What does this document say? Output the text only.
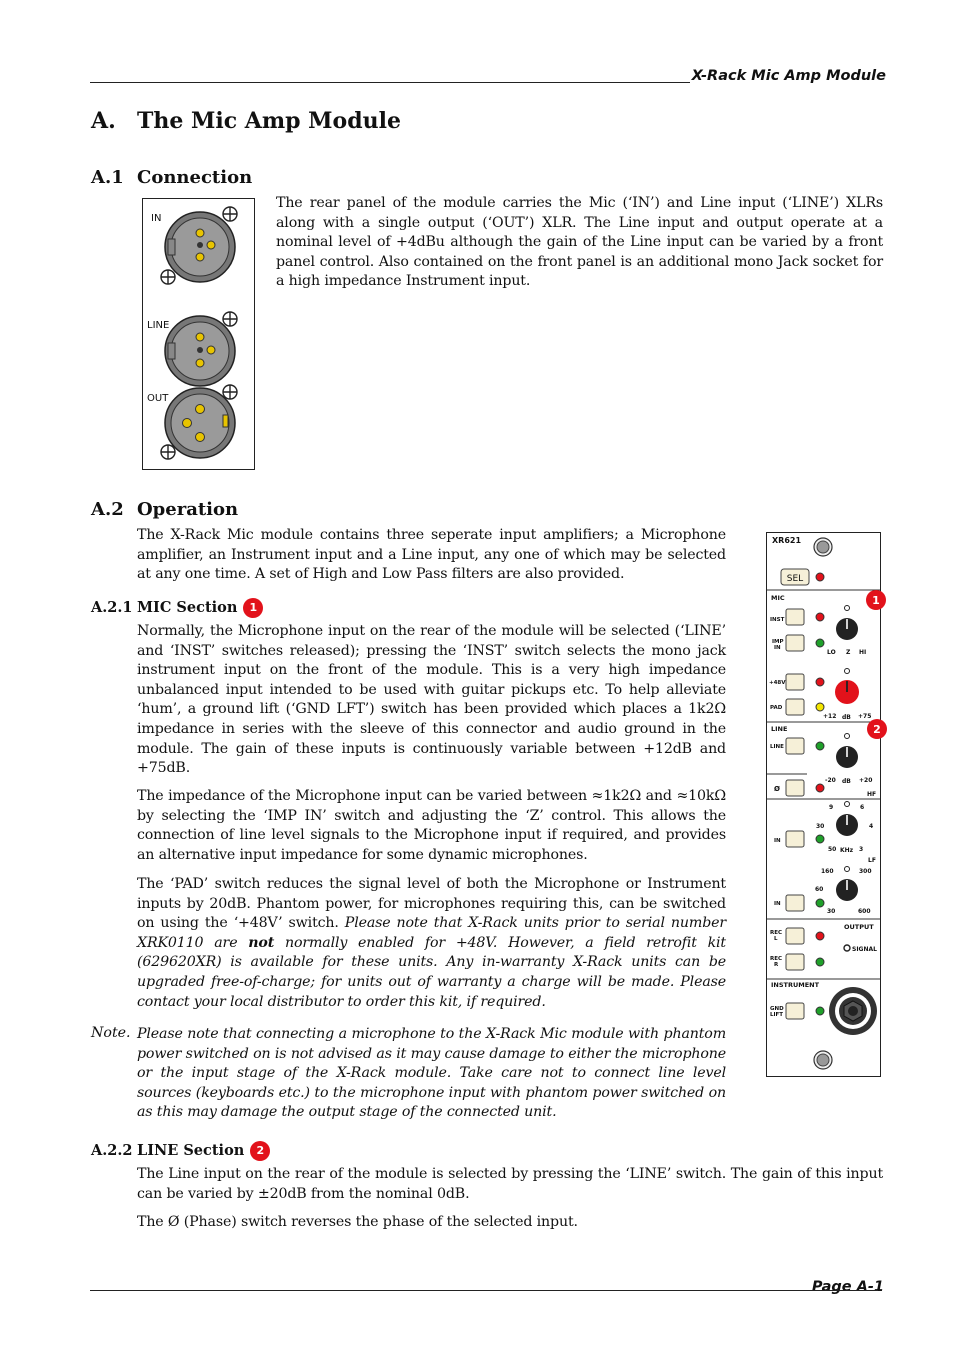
X-Rack Mic Amp Module
A. The Mic Amp Module
A.1 Connection
IN
LINE
OUT

The rear panel of the module carries the Mic (‘IN’) and Line input (‘LINE’) XLRs along with a single output (‘OUT’) XLR. The Line input and output operate at a nominal level of +4dBu although the gain of the Line input can be varied by a front panel control. Also contained on the front panel is an additional mono Jack socket for a high impedance Instrument input.

A.2 Operation

The X-Rack Mic module contains three seperate input amplifiers; a Microphone amplifier, an Instrument input and a Line input, any one of which may be selected at any one time. A set of High and Low Pass filters are also provided.

A.2.1 MIC Section 1

Normally, the Microphone input on the rear of the module will be selected (‘LINE’ and ‘INST’ switches released); pressing the ‘INST’ switch selects the mono jack instrument input on the front of the module. This is a very high impedance unbalanced input intended to be used with guitar pickups etc. To help alleviate ‘hum’, a ground lift (‘GND LFT’) switch has been provided which places a 1k2Ω impedance in series with the sleeve of this connector and audio ground in the module. The gain of these inputs is continuously variable between +12dB and +75dB.

The impedance of the Microphone input can be varied between ≈1k2Ω and ≈10kΩ by selecting the ‘IMP IN’ switch and adjusting the ‘Z’ control. This allows the connection of line level signals to the Microphone input if required, and provides an alternative input impedance for some dynamic microphones.

The ‘PAD’ switch reduces the signal level of both the Microphone or Instrument inputs by 20dB. Phantom power, for microphones requiring this, can be switched on using the ‘+48V’ switch. Please note that X-Rack units prior to serial number XRK0110 are not normally enabled for +48V. However, a field retrofit kit (629620XR) is available for these units. Any in-warranty X-Rack units can be upgraded free-of-charge; for units out of warranty a charge will be made. Please contact your local distributor to order this kit, if required.

Note. Please note that connecting a microphone to the X-Rack Mic module with phantom power switched on is not advised as it may cause damage to either the microphone or the input stage of the X-Rack module. Take care not to connect line level sources (keyboards etc.) to the microphone input with phantom power switched on as this may damage the output stage of the connected unit.

A.2.2 LINE Section 2

The Line input on the rear of the module is selected by pressing the ‘LINE’ switch. The gain of this input can be varied by ±20dB from the nominal 0dB.

The Ø (Phase) switch reverses the phase of the selected input.

XR621
SEL
MIC
INST
IMP
IN
LO Z HI
+48V
PAD
+12 dB +75
LINE
LINE
-20 dB +20
Ø
HF
9	6
30	4
50 KHz 3
IN
LF
160	300
60
30	600
IN
OUTPUT
REC
L
SIGNAL
REC
R
INSTRUMENT
GND
LIFT
1
2
Page A-1
